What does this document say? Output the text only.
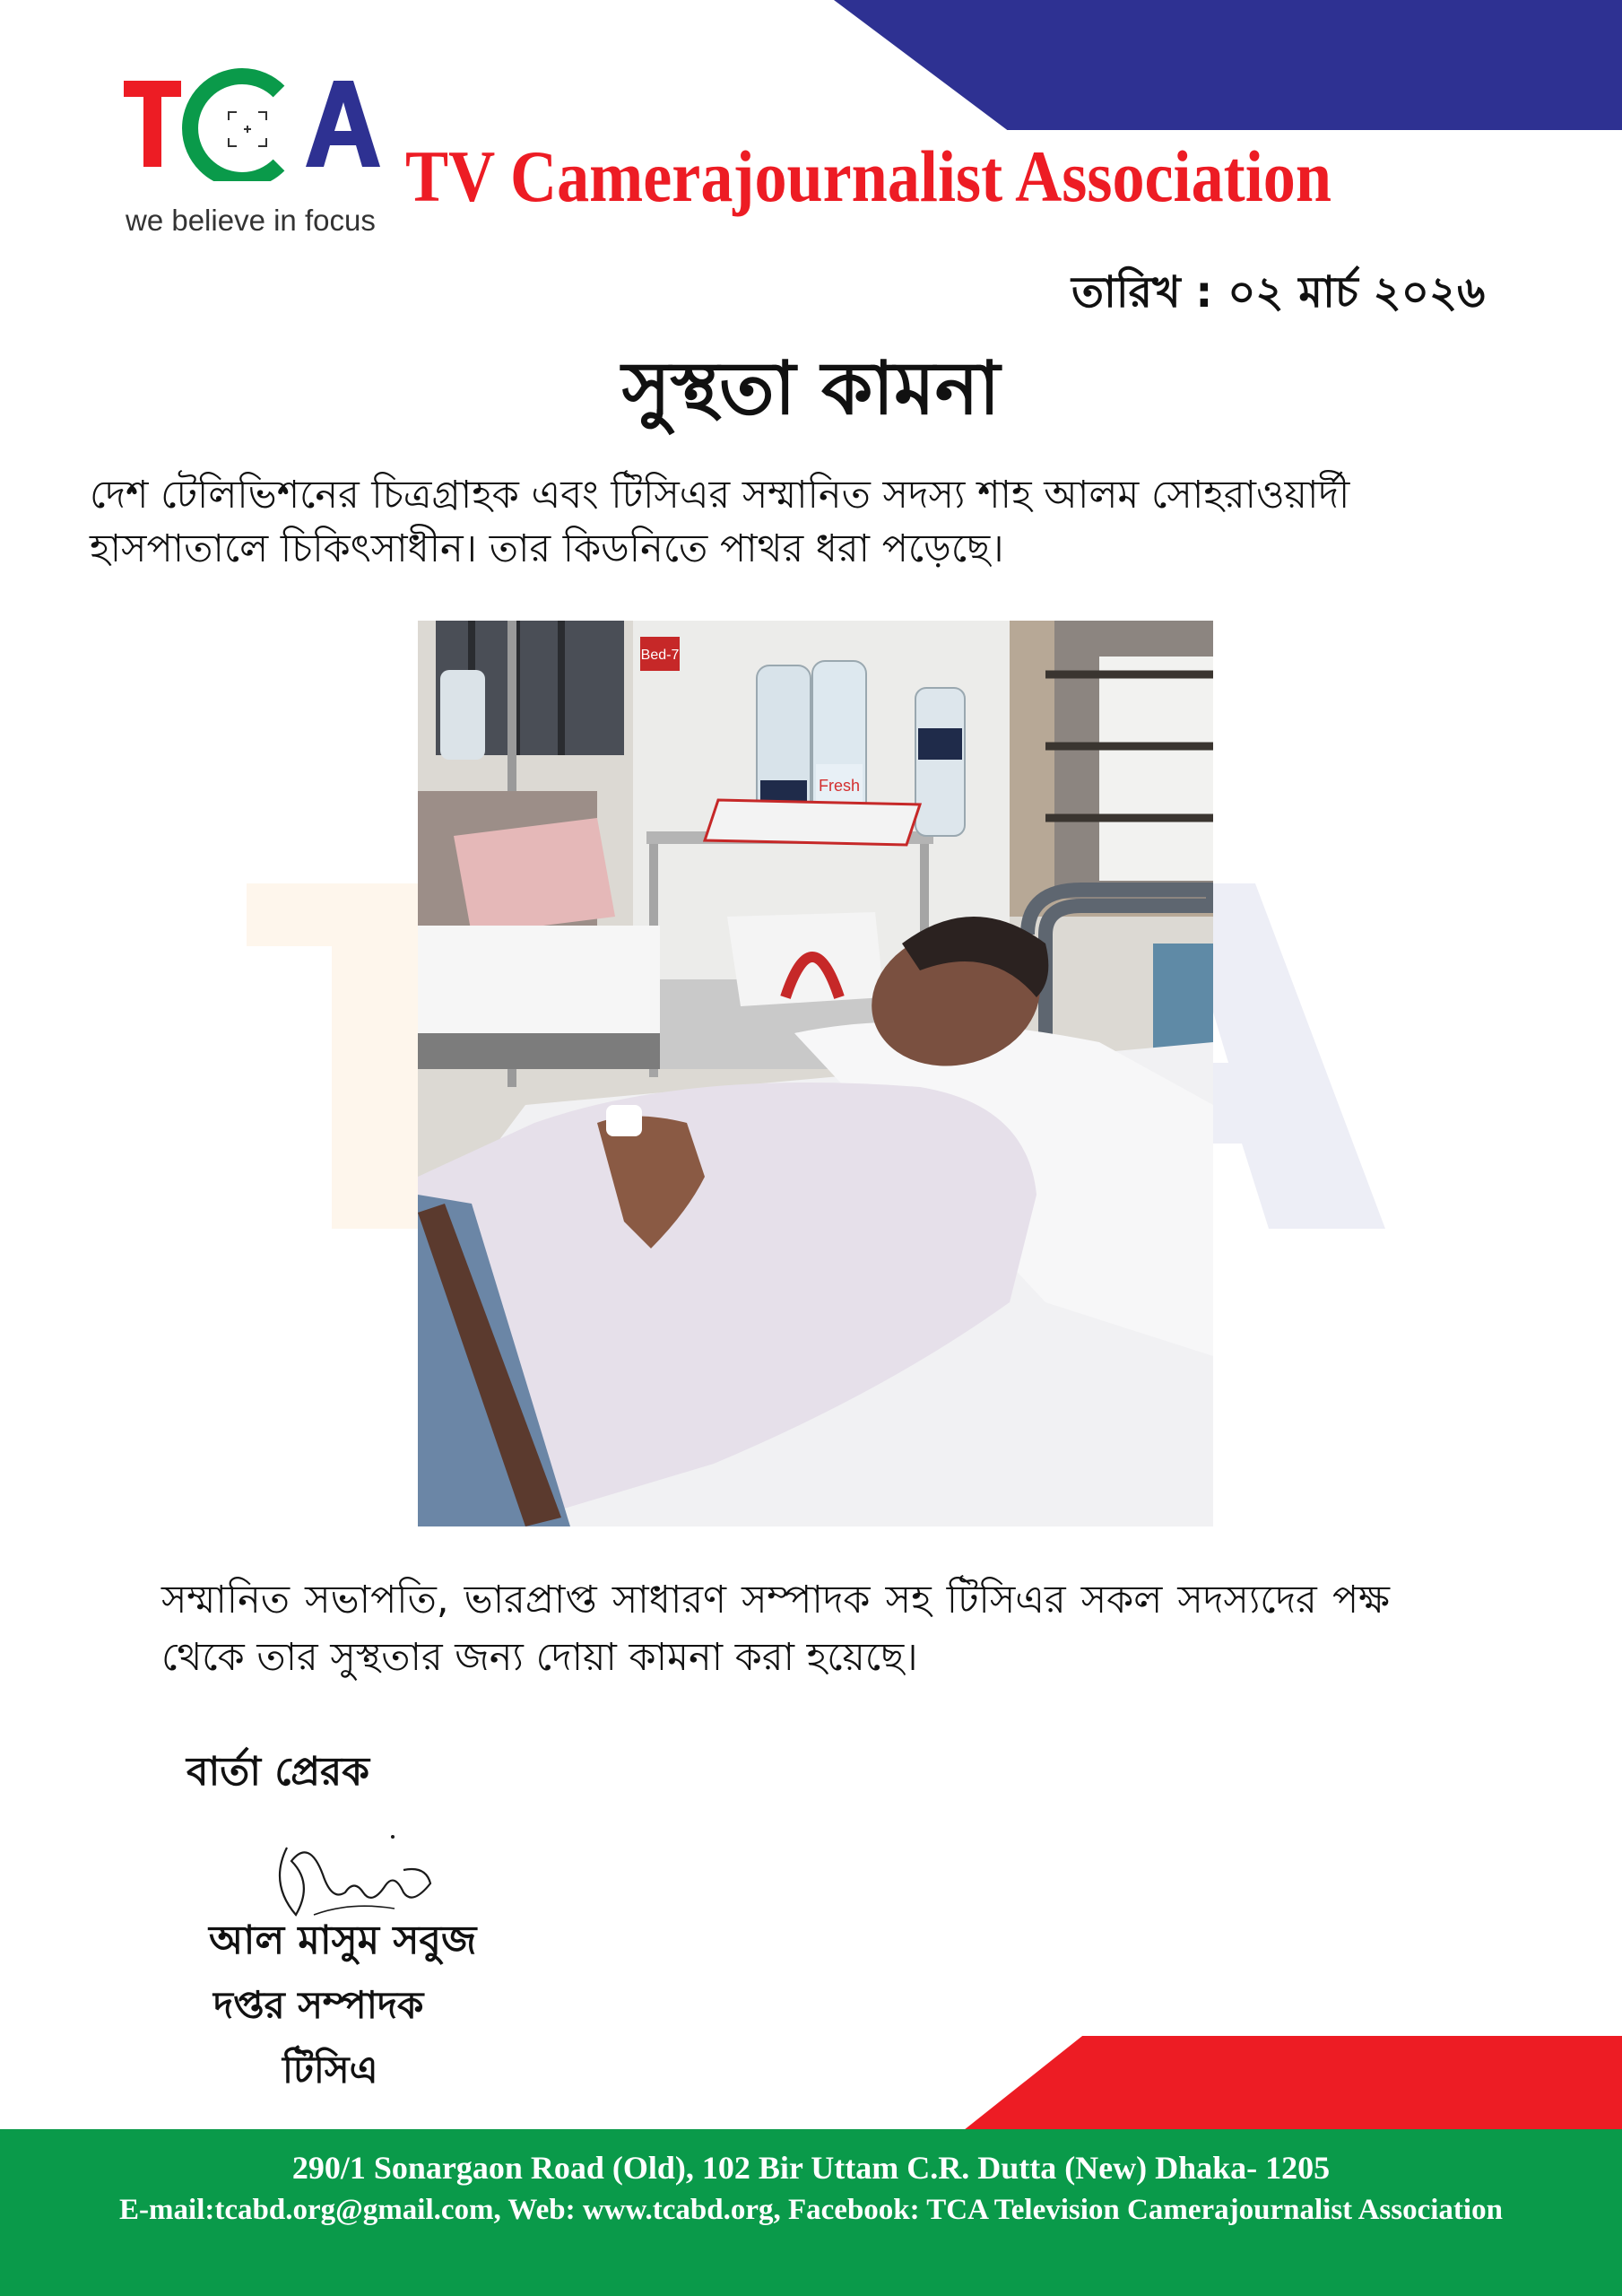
we believe in focus
TV Camerajournalist Association
তারিখ : ০২ মার্চ ২০২৬
সুস্থতা কামনা
দেশ টেলিভিশনের চিত্রগ্রাহক এবং টিসিএর সম্মানিত সদস্য শাহ আলম সোহরাওয়ার্দী হাসপাতালে চিকিৎসাধীন। তার কিডনিতে পাথর ধরা পড়েছে।
Bed-7
Fresh
সম্মানিত সভাপতি, ভারপ্রাপ্ত সাধারণ সম্পাদক সহ টিসিএর সকল সদস্যদের পক্ষ থেকে তার সুস্থতার জন্য দোয়া কামনা করা হয়েছে।
বার্তা প্রেরক
আল মাসুম সবুজ
দপ্তর সম্পাদক
টিসিএ
290/1 Sonargaon Road (Old), 102 Bir Uttam C.R. Dutta (New) Dhaka- 1205
E-mail:tcabd.org@gmail.com, Web: www.tcabd.org, Facebook: TCA Television Camerajournalist Association
